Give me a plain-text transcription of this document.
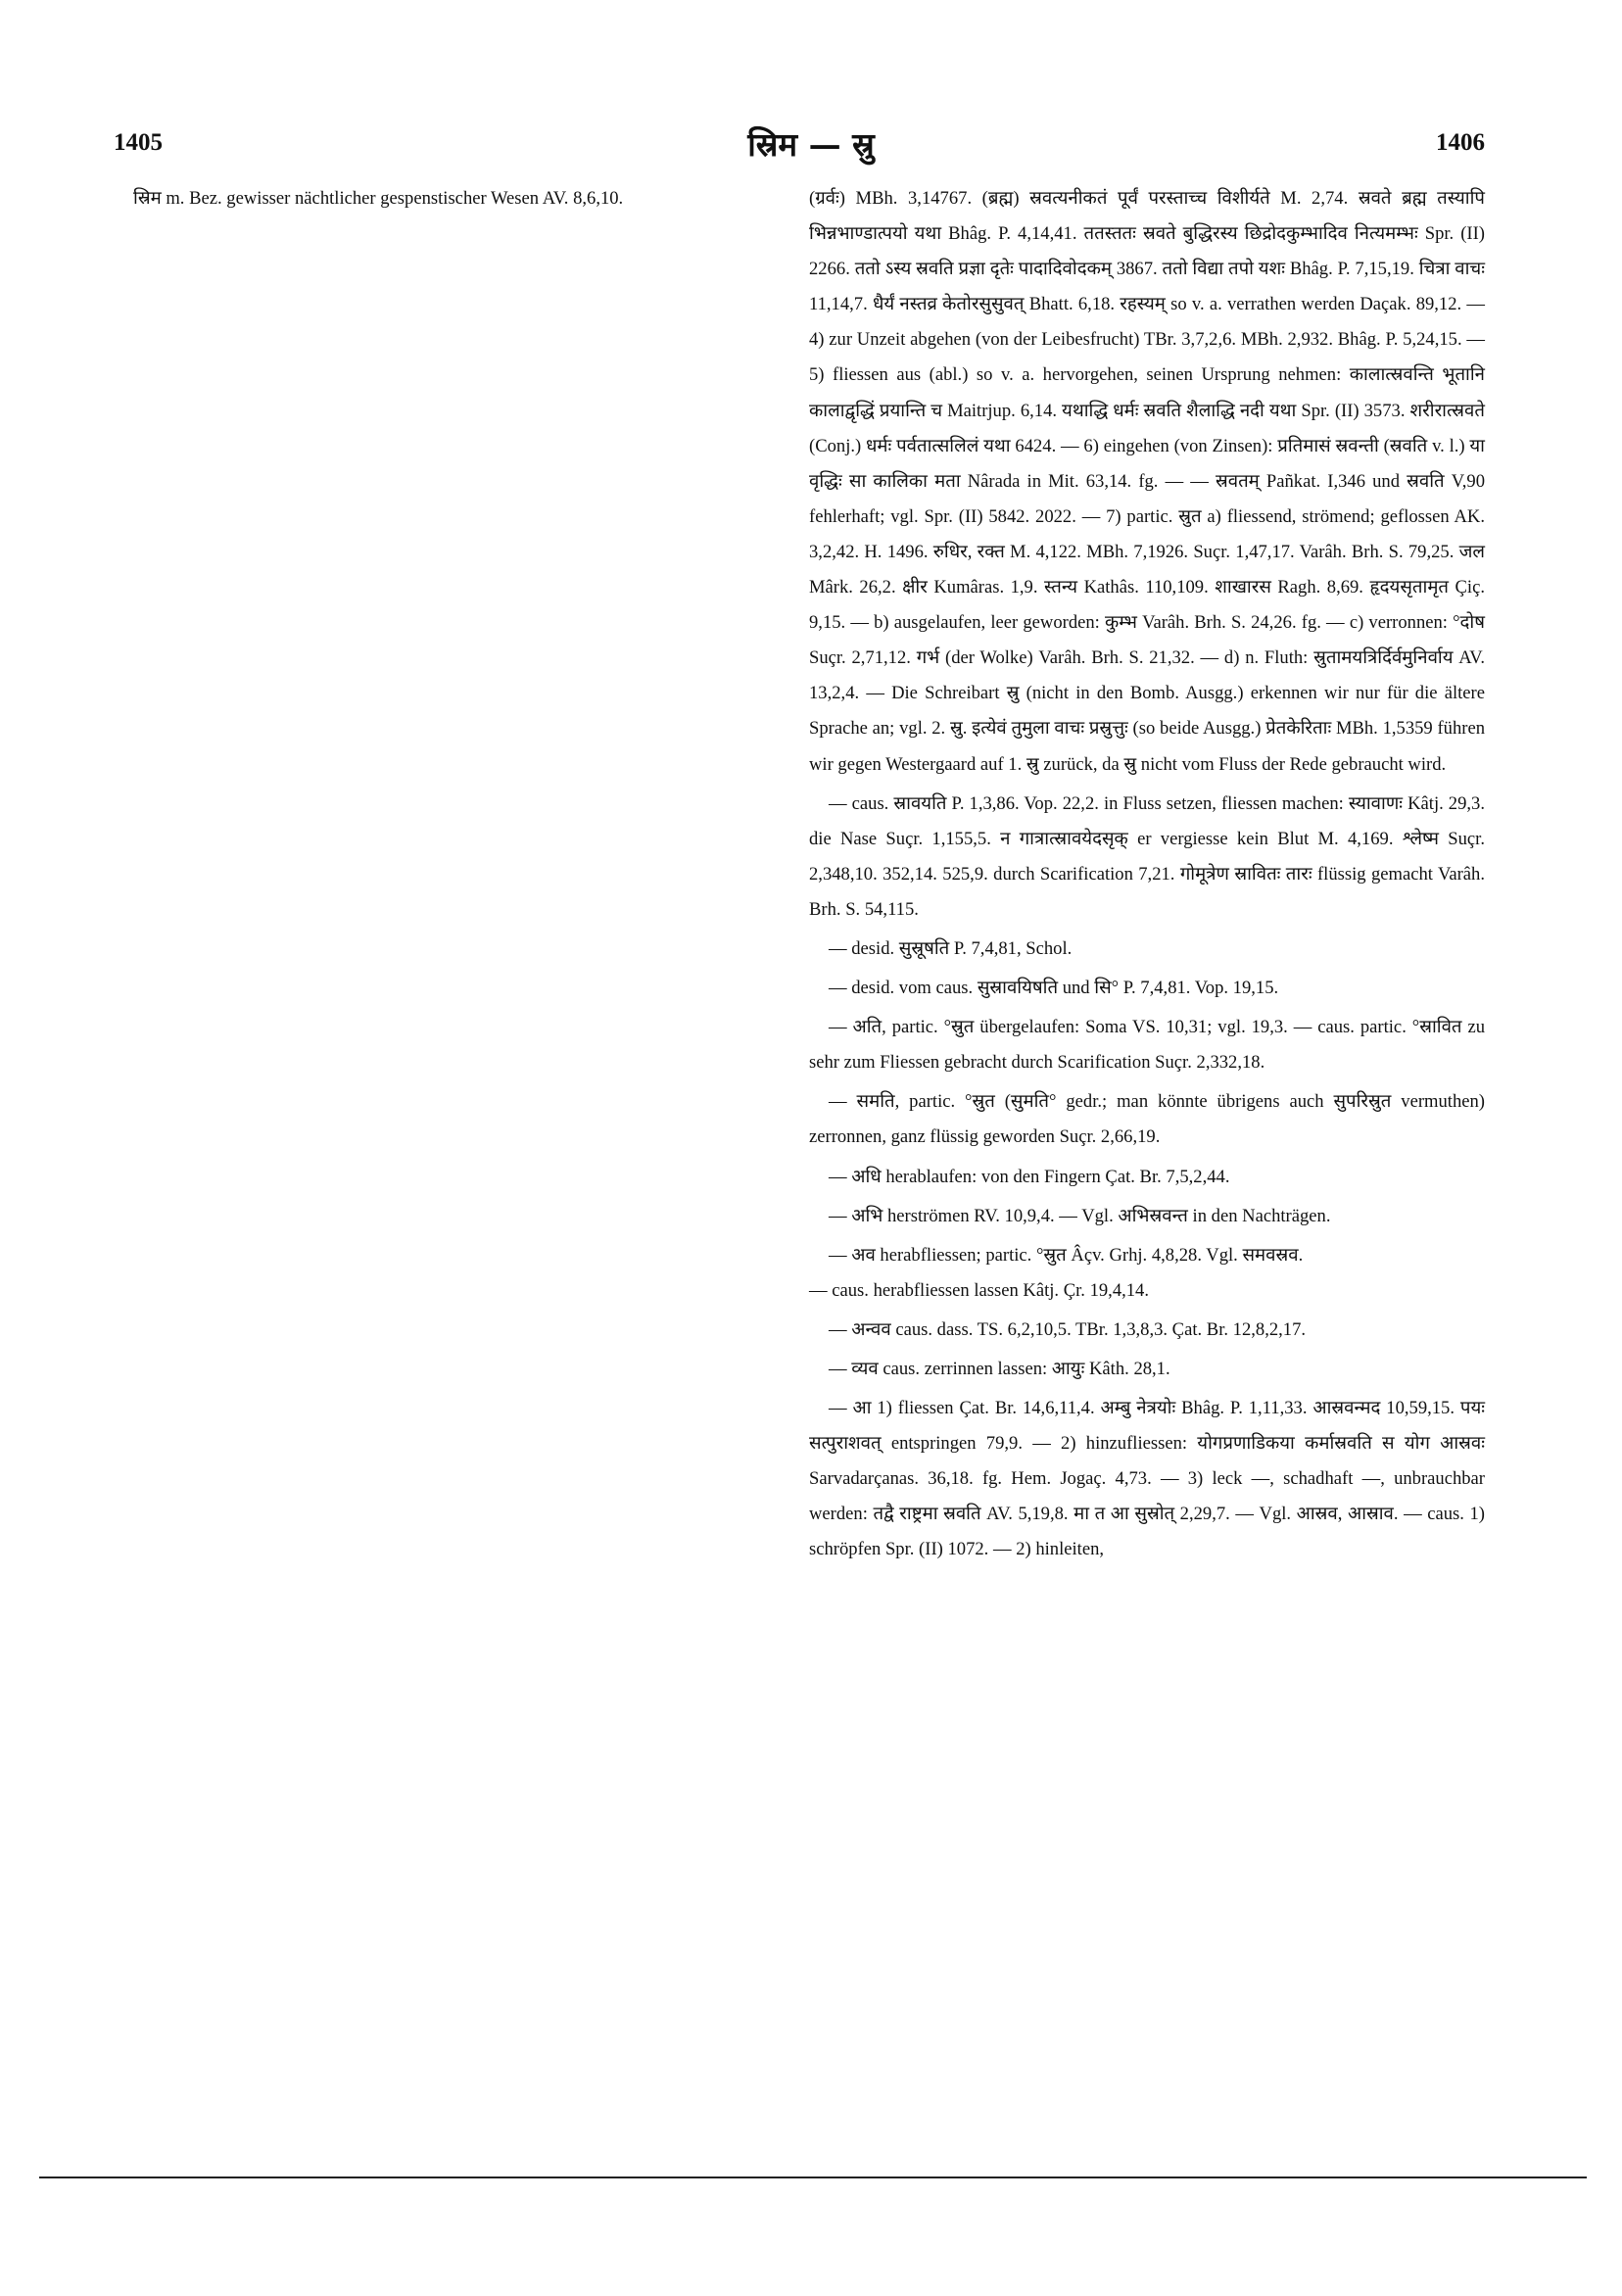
1405	स्रिम — स्रु	1406

स्रिम m. Bez. gewisser nächtlicher gespenstischer Wesen AV. 8,6,10.	(ग्रर्वः) MBh. 3,14767. (ब्रह्म) स्रवत्यनीकतं पूर्वं परस्ताच्च विशीर्यते M. 2,74. स्रवते ब्रह्म तस्यापि भिन्नभाण्डात्पयो यथा Bhâg. P. 4,14,41. ततस्ततः स्रवते बुद्धिरस्य छिद्रोदकुम्भादिव नित्यमम्भः Spr. (II) 2266. ततो ऽस्य स्रवति प्रज्ञा दृतेः पादादिवोदकम् 3867. ततो विद्या तपो यशः Bhâg. P. 7,15,19. चित्रा वाचः 11,14,7. धैर्यं नस्तव्र केतोरसुसुवत् Bhatt. 6,18. रहस्यम् so v. a. verrathen werden Daçak. 89,12. — 4) zur Unzeit abgehen (von der Leibesfrucht) TBr. 3,7,2,6. MBh. 2,932. Bhâg. P. 5,24,15. — 5) fliessen aus (abl.) so v. a. hervorgehen, seinen Ursprung nehmen: कालात्स्रवन्ति भूतानि कालाद्वृद्धिं प्रयान्ति च Maitrjup. 6,14. यथाद्धि धर्मः स्रवति शैलाद्धि नदी यथा Spr. (II) 3573. शरीरात्स्रवते (Conj.) धर्मः पर्वतात्सलिलं यथा 6424. — 6) eingehen (von Zinsen): प्रतिमासं स्रवन्ती (स्रवति v. l.) या वृद्धिः सा कालिका मता Nârada in Mit. 63,14. fg. — — स्रवतम् Pañkat. I,346 und स्रवति V,90 fehlerhaft; vgl. Spr. (II) 5842. 2022. — 7) partic. स्रुत a) fliessend, strömend; geflossen AK. 3,2,42. H. 1496. रुधिर, रक्त M. 4,122. MBh. 7,1926. Suçr. 1,47,17. Varâh. Brh. S. 79,25. जल Mârk. 26,2. क्षीर Kumâras. 1,9. स्तन्य Kathâs. 110,109. शाखारस Ragh. 8,69. हृदयसृतामृत Çiç. 9,15. — b) ausgelaufen, leer geworden: कुम्भ Varâh. Brh. S. 24,26. fg. — c) verronnen: °दोष Suçr. 2,71,12. गर्भ (der Wolke) Varâh. Brh. S. 21,32. — d) n. Fluth: स्रुतामयत्रिर्दिर्वमुनिर्वाय AV. 13,2,4. — Die Schreibart स्रु (nicht in den Bomb. Ausgg.) erkennen wir nur für die ältere Sprache an; vgl. 2. स्रु. इत्येवं तुमुला वाचः प्रस्रुत्तुः (so beide Ausgg.) प्रेतकेरिताः MBh. 1,5359 führen wir gegen Westergaard auf 1. स्रु zurück, da स्रु nicht vom Fluss der Rede gebraucht wird.

— caus. स्रावयति P. 1,3,86. Vop. 22,2. in Fluss setzen, fliessen machen: स्यावाणः Kâtj. 29,3. die Nase Suçr. 1,155,5. न गात्रात्स्रावयेदसृक् er vergiesse kein Blut M. 4,169. श्लेष्म Suçr. 2,348,10. 352,14. 525,9. durch Scarification 7,21. गोमूत्रेण स्रावितः तारः flüssig gemacht Varâh. Brh. S. 54,115.

— desid. सुस्रूषति P. 7,4,81, Schol.

— desid. vom caus. सुस्रावयिषति und सि° P. 7,4,81. Vop. 19,15.

— अति, partic. °स्रुत übergelaufen: Soma VS. 10,31; vgl. 19,3. — caus. partic. °स्रावित zu sehr zum Fliessen gebracht durch Scarification Suçr. 2,332,18.

— समति, partic. °स्रुत (सुमति° gedr.; man könnte übrigens auch सुपरिस्रुत vermuthen) zerronnen, ganz flüssig geworden Suçr. 2,66,19.

— अधि herablaufen: von den Fingern Çat. Br. 7,5,2,44.

— अभि herströmen RV. 10,9,4. — Vgl. अभिस्रवन्त in den Nachträgen.

— अव herabfliessen; partic. °स्रुत Âçv. Grhj. 4,8,28. Vgl. समवस्रव.

— caus. herabfliessen lassen Kâtj. Çr. 19,4,14.

— अन्वव caus. dass. TS. 6,2,10,5. TBr. 1,3,8,3. Çat. Br. 12,8,2,17.

— व्यव caus. zerrinnen lassen: आयुः Kâth. 28,1.

— आ 1) fliessen Çat. Br. 14,6,11,4. अम्बु नेत्रयोः Bhâg. P. 1,11,33. आस्रवन्मद 10,59,15. पयः सत्पुराशवत् entspringen 79,9. — 2) hinzufliessen: योगप्रणाडिकया कर्मास्रवति स योग आस्रवः Sarvadarçanas. 36,18. fg. Hem. Jogaç. 4,73. — 3) leck —, schadhaft —, unbrauchbar werden: तद्वै राष्ट्रमा स्रवति AV. 5,19,8. मा त आ सुस्रोत् 2,29,7. — Vgl. आस्रव, आस्राव. — caus. 1) schröpfen Spr. (II) 1072. — 2) hinleiten,
